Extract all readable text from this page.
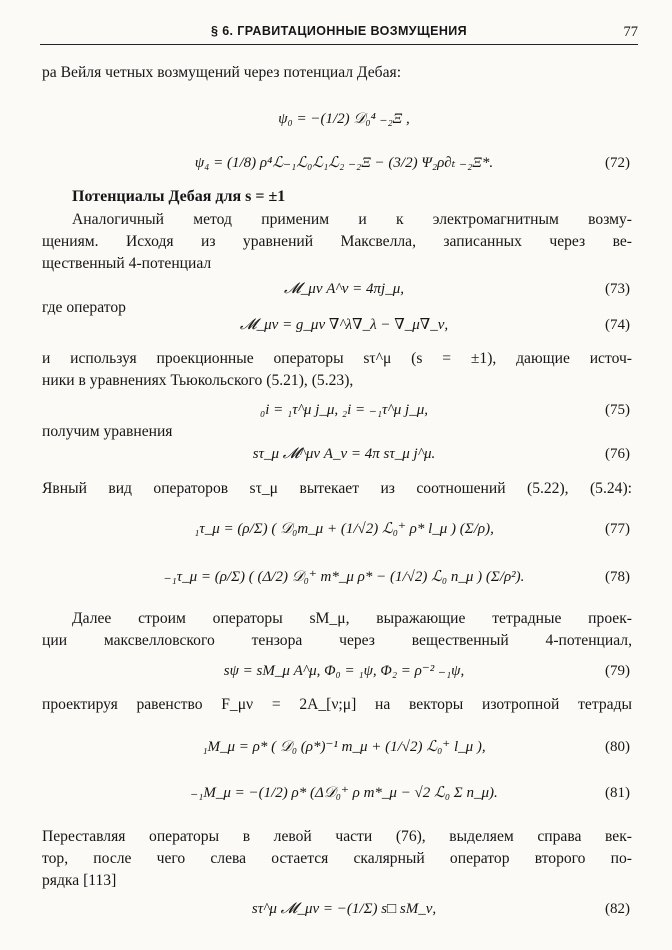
§ 6. ГРАВИТАЦИОННЫЕ ВОЗМУЩЕНИЯ	77
ра Вейля четных возмущений через потенциал Дебая:
ψ₀ = −(1/2) 𝒟₀⁴ ₋₂Ξ ,
ψ₄ = (1/8) ρ⁴ℒ₋₁ℒ₀ℒ₁ℒ₂ ₋₂Ξ − (3/2) Ψ₂ρ∂ₜ ₋₂Ξ*.	(72)
Потенциалы Дебая для s = ±1
Аналогичный метод применим и к электромагнитным возму-
щениям. Исходя из уравнений Максвелла, записанных через ве-
щественный 4-потенциал
𝓜_μν A^ν = 4πj_μ,	(73)
где оператор
𝓜_μν = g_μν ∇^λ∇_λ − ∇_μ∇_ν,	(74)
и используя проекционные операторы sτ^μ (s = ±1), дающие источ-
ники в уравнениях Тьюкольского (5.21), (5.23),
₀i = ₁τ^μ j_μ, ₂i = ₋₁τ^μ j_μ,	(75)
получим уравнения
sτ_μ 𝓜^μν A_ν = 4π sτ_μ j^μ.	(76)
Явный вид операторов sτ_μ вытекает из соотношений (5.22), (5.24):
₁τ_μ = (ρ/Σ) ( 𝒟₀m_μ + (1/√2) ℒ₀⁺ ρ* l_μ ) (Σ/ρ),	(77)
₋₁τ_μ = (ρ/Σ) ( (Δ/2) 𝒟₀⁺ m*_μ ρ* − (1/√2) ℒ₀ n_μ ) (Σ/ρ²).	(78)
Далее строим операторы sM_μ, выражающие тетрадные проек-
ции максвелловского тензора через вещественный 4-потенциал,
sψ = sM_μ A^μ, Φ₀ = ₁ψ, Φ₂ = ρ⁻² ₋₁ψ,	(79)
проектируя равенство F_μν = 2A_[ν;μ] на векторы изотропной тетрады
₁M_μ = ρ* ( 𝒟₀ (ρ*)⁻¹ m_μ + (1/√2) ℒ₀⁺ l_μ ),	(80)
₋₁M_μ = −(1/2) ρ* (Δ𝒟₀⁺ ρ m*_μ − √2 ℒ₀ Σ n_μ).	(81)
Переставляя операторы в левой части (76), выделяем справа век-
тор, после чего слева остается скалярный оператор второго по-
рядка [113]
sτ^μ 𝓜_μν = −(1/Σ) s□ sM_ν,	(82)
